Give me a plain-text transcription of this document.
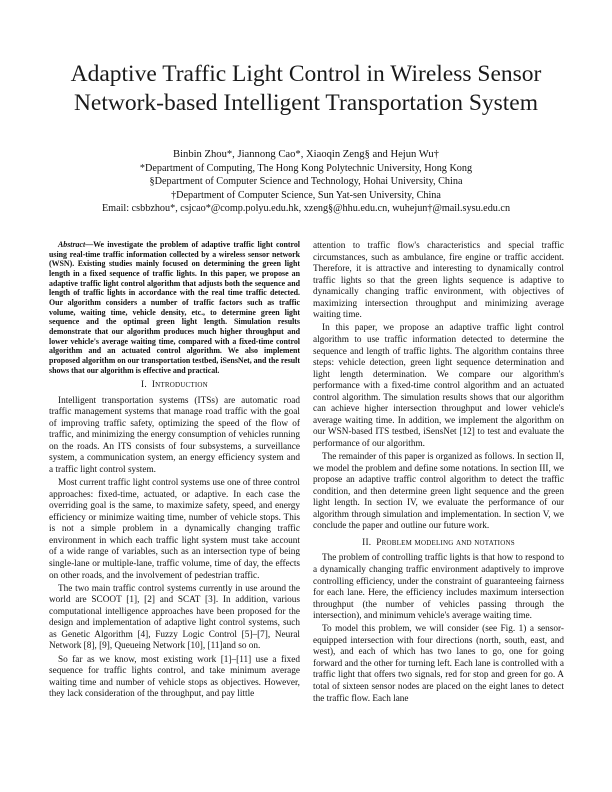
Adaptive Traffic Light Control in Wireless Sensor
Network-based Intelligent Transportation System
Binbin Zhou*, Jiannong Cao*, Xiaoqin Zeng§ and Hejun Wu†
*Department of Computing, The Hong Kong Polytechnic University, Hong Kong
§Department of Computer Science and Technology, Hohai University, China
†Department of Computer Science, Sun Yat-sen University, China
Email: csbbzhou*, csjcao*@comp.polyu.edu.hk, xzeng§@hhu.edu.cn, wuhejun†@mail.sysu.edu.cn

Abstract—We investigate the problem of adaptive traffic light control using real-time traffic information collected by a wireless sensor network (WSN). Existing studies mainly focused on determining the green light length in a fixed sequence of traffic lights. In this paper, we propose an adaptive traffic light control algorithm that adjusts both the sequence and length of traffic lights in accordance with the real time traffic detected. Our algorithm considers a number of traffic factors such as traffic volume, waiting time, vehicle density, etc., to determine green light sequence and the optimal green light length. Simulation results demonstrate that our algorithm produces much higher throughput and lower vehicle's average waiting time, compared with a fixed-time control algorithm and an actuated control algorithm. We also implement proposed algorithm on our transportation testbed, iSensNet, and the result shows that our algorithm is effective and practical.

I. Introduction

Intelligent transportation systems (ITSs) are automatic road traffic management systems that manage road traffic with the goal of improving traffic safety, optimizing the speed of the flow of traffic, and minimizing the energy consumption of vehicles running on the roads. An ITS consists of four subsystems, a surveillance system, a communication system, an energy efficiency system and a traffic light control system.

Most current traffic light control systems use one of three control approaches: fixed-time, actuated, or adaptive. In each case the overriding goal is the same, to maximize safety, speed, and energy efficiency or minimize waiting time, number of vehicle stops. This is not a simple problem in a dynamically changing traffic environment in which each traffic light system must take account of a wide range of variables, such as an intersection type of being single-lane or multiple-lane, traffic volume, time of day, the effects on other roads, and the involvement of pedestrian traffic.

The two main traffic control systems currently in use around the world are SCOOT [1], [2] and SCAT [3]. In addition, various computational intelligence approaches have been proposed for the design and implementation of adaptive light control systems, such as Genetic Algorithm [4], Fuzzy Logic Control [5]–[7], Neural Network [8], [9], Queueing Network [10], [11]and so on.

So far as we know, most existing work [1]–[11] use a fixed sequence for traffic lights control, and take minimum average waiting time and number of vehicle stops as objectives. However, they lack consideration of the throughput, and pay little

attention to traffic flow's characteristics and special traffic circumstances, such as ambulance, fire engine or traffic accident. Therefore, it is attractive and interesting to dynamically control traffic lights so that the green lights sequence is adaptive to dynamically changing traffic environment, with objectives of maximizing intersection throughput and minimizing average waiting time.

In this paper, we propose an adaptive traffic light control algorithm to use traffic information detected to determine the sequence and length of traffic lights. The algorithm contains three steps: vehicle detection, green light sequence determination and light length determination. We compare our algorithm's performance with a fixed-time control algorithm and an actuated control algorithm. The simulation results shows that our algorithm can achieve higher intersection throughput and lower vehicle's average waiting time. In addition, we implement the algorithm on our WSN-based ITS testbed, iSensNet [12] to test and evaluate the performance of our algorithm.

The remainder of this paper is organized as follows. In section II, we model the problem and define some notations. In section III, we propose an adaptive traffic control algorithm to detect the traffic condition, and then determine green light sequence and the green light length. In section IV, we evaluate the performance of our algorithm through simulation and implementation. In section V, we conclude the paper and outline our future work.

II. Problem modeling and notations

The problem of controlling traffic lights is that how to respond to a dynamically changing traffic environment adaptively to improve controlling efficiency, under the constraint of guaranteeing fairness for each lane. Here, the efficiency includes maximum intersection throughput (the number of vehicles passing through the intersection), and minimum vehicle's average waiting time.

To model this problem, we will consider (see Fig. 1) a sensor-equipped intersection with four directions (north, south, east, and west), and each of which has two lanes to go, one for going forward and the other for turning left. Each lane is controlled with a traffic light that offers two signals, red for stop and green for go. A total of sixteen sensor nodes are placed on the eight lanes to detect the traffic flow. Each lane
